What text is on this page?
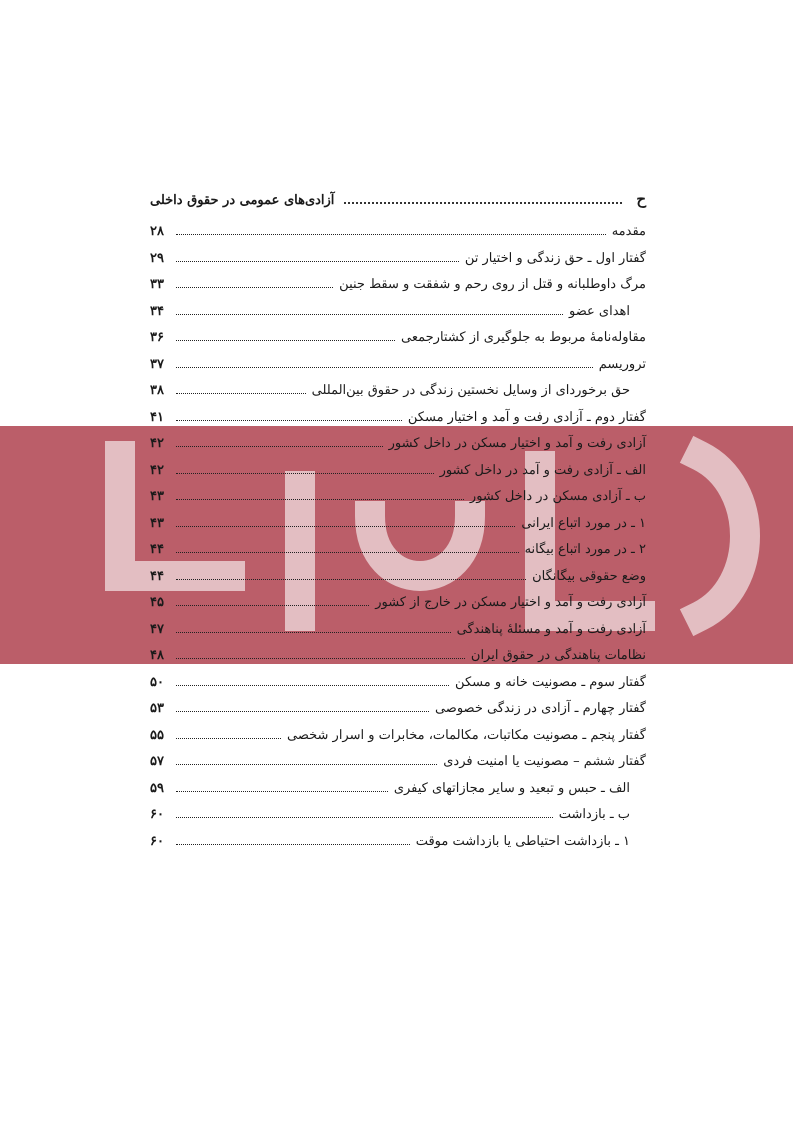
ح
آزادی‌های عمومی در حقوق داخلی
مقدمه
۲۸
گفتار اول ـ حق زندگی و اختیار تن
۲۹
مرگ داوطلبانه و قتل از روی رحم و شفقت و سقط جنین
۳۳
اهدای عضو
۳۴
مقاوله‌نامهٔ مربوط به جلوگیری از کشتارجمعی
۳۶
تروریسم
۳۷
حق برخوردای از وسایل نخستین زندگی در حقوق بین‌المللی
۳۸
گفتار دوم ـ آزادی رفت و آمد و اختیار مسکن
۴۱
آزادی رفت و آمد و اختیار مسکن در داخل کشور
۴۲
الف ـ آزادی رفت و آمد در داخل کشور
۴۲
ب ـ آزادی مسکن در داخل کشور
۴۳
۱ ـ در مورد اتباع ایرانی
۴۳
۲ ـ در مورد اتباع بیگانه
۴۴
وضع حقوقی بیگانگان
۴۴
آزادی رفت و آمد و اختیار مسکن در خارج از کشور
۴۵
آزادی رفت و آمد و مسئلهٔ پناهندگی
۴۷
نظامات پناهندگی در حقوق ایران
۴۸
گفتار سوم ـ مصونیت خانه و مسکن
۵۰
گفتار چهارم ـ آزادی در زندگی خصوصی
۵۳
گفتار پنجم ـ مصونیت مکاتبات، مکالمات، مخابرات و اسرار شخصی
۵۵
گفتار ششم – مصونیت یا امنیت فردی
۵۷
الف ـ حبس و تبعید و سایر مجازاتهای کیفری
۵۹
ب ـ بازداشت
۶۰
۱ ـ بازداشت احتیاطی یا بازداشت موقت
۶۰
